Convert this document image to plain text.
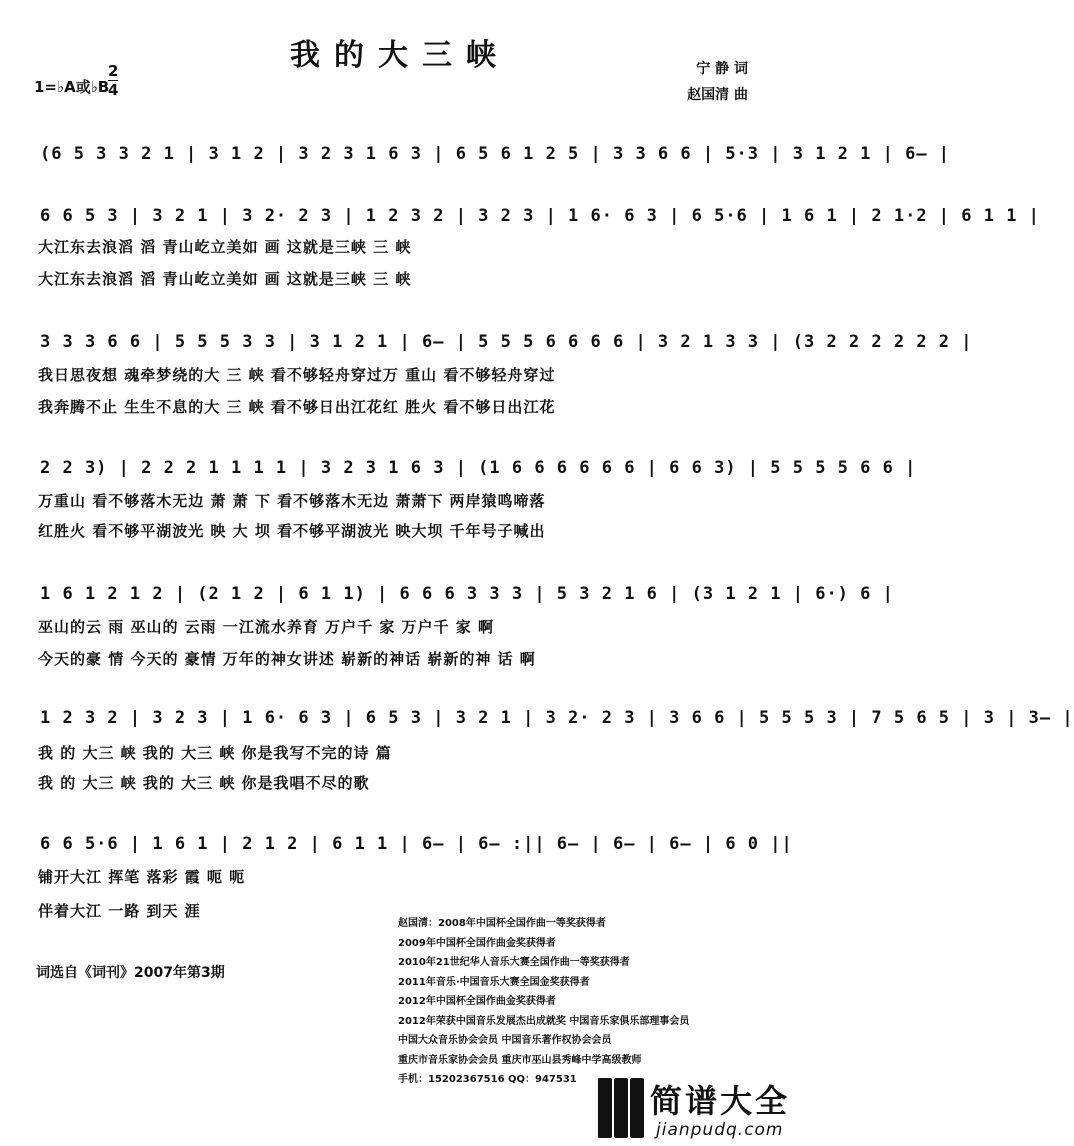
我的大三峡	宁 静 词
赵国清 曲
1=♭A或♭B
2
4
(6 5 3 3 2 1 | 3 1 2 | 3 2 3 1 6 3 | 6 5 6 1 2 5 | 3 3 6 6 | 5·3 | 3 1 2 1 | 6— |
6 6 5 3 | 3 2 1 | 3 2· 2 3 | 1 2 3 2 | 3 2 3 | 1 6· 6 3 | 6 5·6 | 1 6 1 | 2 1·2 | 6 1 1 |
大江东去浪滔 滔 青山屹立美如 画 这就是三峡 三 峡
大江东去浪滔 滔 青山屹立美如 画 这就是三峡 三 峡
3 3 3 6 6 | 5 5 5 3 3 | 3 1 2 1 | 6— | 5 5 5 6 6 6 6 | 3 2 1 3 3 | (3 2 2 2 2 2 2 |
我日思夜想 魂牵梦绕的大 三 峡 看不够轻舟穿过万 重山 看不够轻舟穿过
我奔腾不止 生生不息的大 三 峡 看不够日出江花红 胜火 看不够日出江花
2 2 3) | 2 2 2 1 1 1 1 | 3 2 3 1 6 3 | (1 6 6 6 6 6 6 | 6 6 3) | 5 5 5 5 6 6 |
万重山 看不够落木无边 萧 萧 下 看不够落木无边 萧萧下 两岸猿鸣啼落
红胜火 看不够平湖波光 映 大 坝 看不够平湖波光 映大坝 千年号子喊出
1 6 1 2 1 2 | (2 1 2 | 6 1 1) | 6 6 6 3 3 3 | 5 3 2 1 6 | (3 1 2 1 | 6·) 6 |
巫山的云 雨 巫山的 云雨 一江流水养育 万户千 家 万户千 家 啊
今天的豪 情 今天的 豪情 万年的神女讲述 崭新的神话 崭新的神 话 啊
1 2 3 2 | 3 2 3 | 1 6· 6 3 | 6 5 3 | 3 2 1 | 3 2· 2 3 | 3 6 6 | 5 5 5 3 | 7 5 6 5 | 3 | 3— |
我 的 大三 峡 我的 大三 峡 你是我写不完的诗 篇
我 的 大三 峡 我的 大三 峡 你是我唱不尽的歌
6 6 5·6 | 1 6 1 | 2 1 2 | 6 1 1 | 6— | 6— :|| 6— | 6— | 6— | 6 0 ||
铺开大江 挥笔 落彩 霞 呃 呃
伴着大江 一路 到天 涯
词选自《词刊》2007年第3期
赵国清：2008年中国杯全国作曲一等奖获得者
2009年中国杯全国作曲金奖获得者
2010年21世纪华人音乐大赛全国作曲一等奖获得者
2011年音乐·中国音乐大赛全国金奖获得者
2012年中国杯全国作曲金奖获得者
2012年荣获中国音乐发展杰出成就奖 中国音乐家俱乐部理事会员
中国大众音乐协会会员 中国音乐著作权协会会员
重庆市音乐家协会会员 重庆市巫山县秀峰中学高级教师
手机：15202367516 QQ：947531
简谱大全
jianpudq.com
